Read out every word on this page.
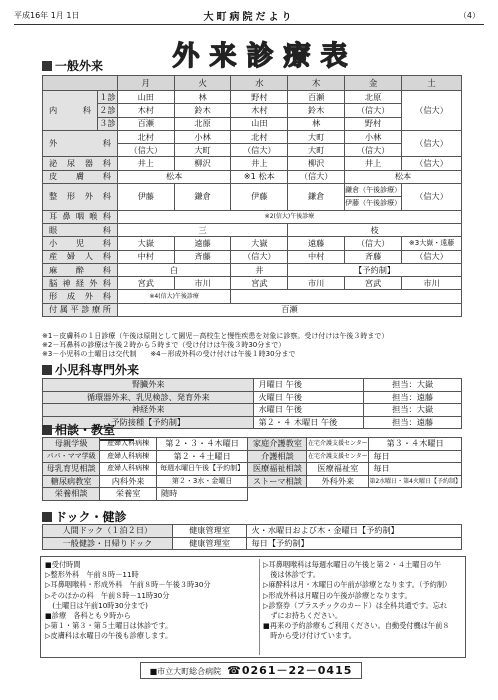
平成16年 1月 1日	大町病院だより	（4）
外来診療表
一般外来
		月	火	水	木	金	土
内科	１診	山田	林	野村	百瀬	北原	（信大）
	２診	木村	鈴木	木村	鈴木	（信大）	
	３診	百瀬	北原	山田	林	野村	
外科		北村	小林	北村	大町	小林	（信大）
		（信大）	大町	（信大）	大町	（信大）	
泌尿器科		井上	柳沢	井上	柳沢	井上	（信大）
皮膚科		松本		※1 松本	（信大）	松本	
整形外科		伊藤	鎌倉	伊藤	鎌倉	鎌倉（午後診療）	（信大）
						伊藤（午後診療）	
耳鼻咽喉科		※2(信大)午後診療					
眼科		三			枝		
小児科		大嶽	遠藤	大嶽	遠藤	（信大）	※3大嶽・遠藤
産婦人科		中村	斉藤	（信大）	中村	斉藤	（信大）
麻酔科		白		井	【予約制】		
脳神経外科		宮武	市川	宮武	市川	宮武	市川
形成外科		※4(信大)午後診療					
付属平診療所		百瀬					
※1－皮膚科の１日診療（午後は原則として園児－高校生と慢性疾患を対象に診察。受け付けは午後３時まで）
※2－耳鼻科の診療は午後２時から５時まで（受け付けは午後３時30分まで）
※3－小児科の土曜日は交代制　　※4－形成外科の受け付けは午後１時30分まで
小児科専門外来
腎臓外来	月曜日 午後	担当：大嶽
循環器外来、乳児検診、発育外来	火曜日 午後	担当：遠藤
神経外来	水曜日 午後	担当：大嶽
予防接種【予約制】	第２・４ 木曜日 午後	担当：遠藤
相談・教室
母親学級	産婦人科病棟	第２・３・４木曜日	家庭介護教室	在宅介護支援センター	第３・４木曜日
パパ・ママ学級	産婦人科病棟	第２・４土曜日	介護相談	在宅介護支援センター	毎日
母乳育児相談	産婦人科病棟	毎週水曜日午後【予約制】	医療福祉相談	医療福祉室	毎日
糖尿病教室	内科外来	第２・3水・金曜日	ストーマ相談	外科外来	第2水曜日・第4火曜日【予約制】
栄養相談	栄養室	随時			
ドック・健診
人間ドック（１泊２日）	健康管理室	火・水曜日および木・金曜日【予約制】
一般健診・日帰りドック	健康管理室	毎日【予約制】
■受付時間
▷整形外科　午前８時－11時
▷耳鼻咽喉科・形成外科　午前８時－午後３時30分
▷そのほかの科　午前８時－11時30分
　(土曜日は午前10時30分まで)
■診療　各科とも９時から
▷第１・第３・第５土曜日は休診です。
▷皮膚科は水曜日の午後も診療します。
▷耳鼻咽喉科は毎週水曜日の午後と第２・４土曜日の午
　後は休診です。
▷麻酔科は月・木曜日の午前が診療となります。（予約制）
▷形成外科は月曜日の午後が診療となります。
▷診察券（プラスチックのカード）は全科共通です。忘れ
　ずにお持ちください。
■再来の予約診療もご利用ください。自動受付機は午前８
　時から受け付けています。
■市立大町総合病院 ☎0261－22－0415
